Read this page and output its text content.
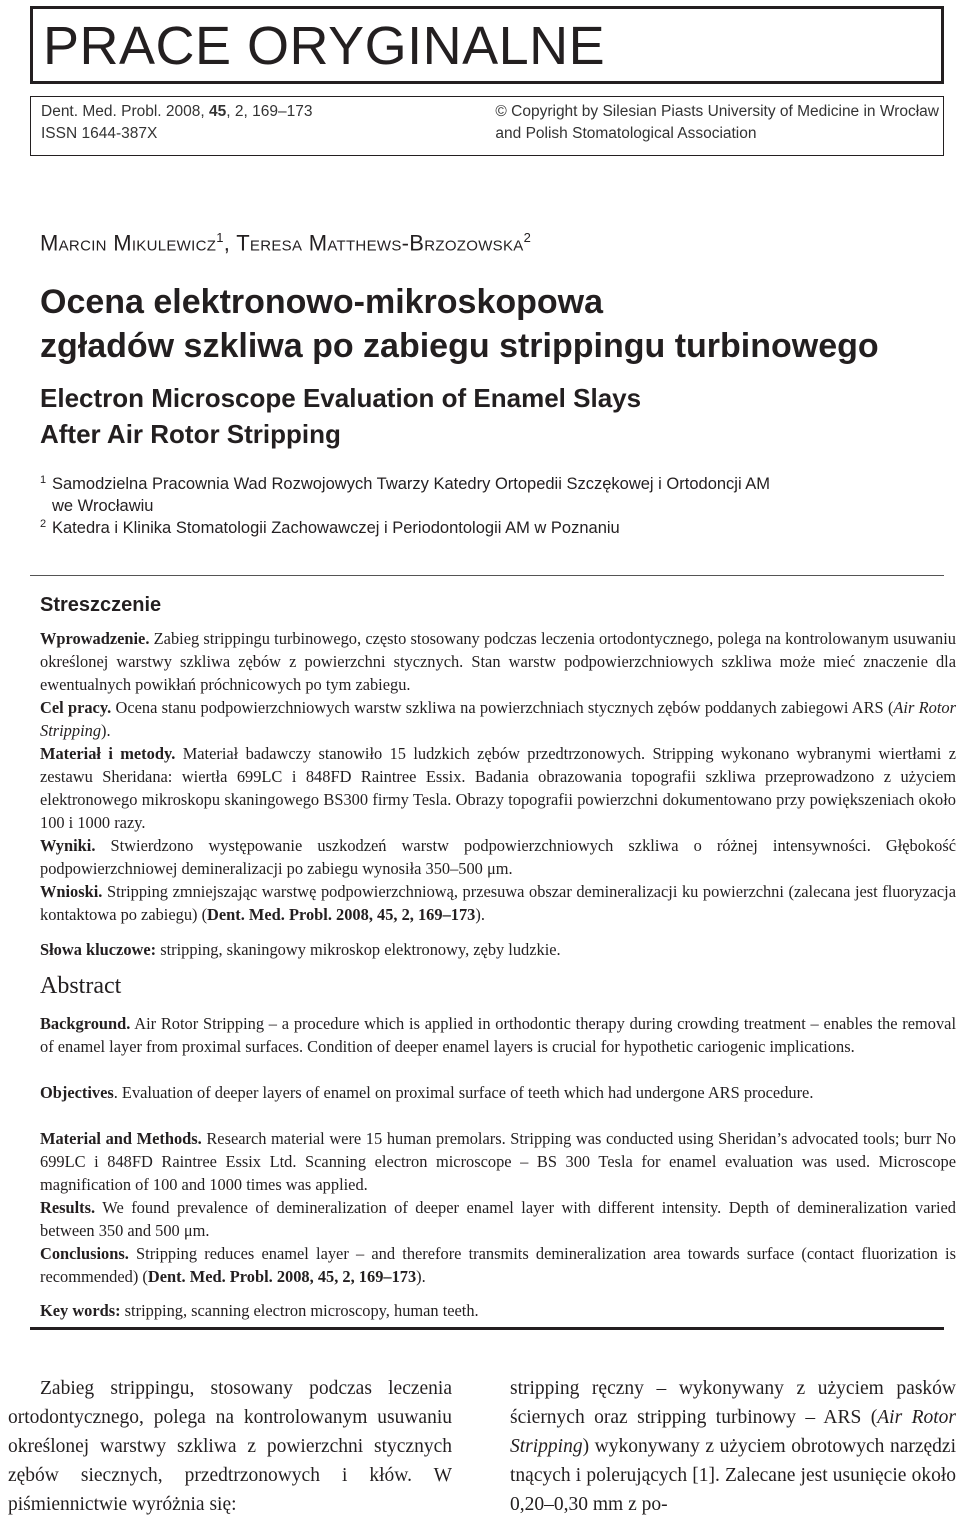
PRACE ORYGINALNE
Dent. Med. Probl. 2008, 45, 2, 169–173
ISSN 1644-387X
© Copyright by Silesian Piasts University of Medicine in Wrocław
and Polish Stomatological Association
Marcin Mikulewicz$^1$, Teresa Matthews-Brzozowska$^2$
Ocena elektronowo-mikroskopowa
zgładów szkliwa po zabiegu strippingu turbinowego
Electron Microscope Evaluation of Enamel Slays
After Air Rotor Stripping
1 Samodzielna Pracownia Wad Rozwojowych Twarzy Katedry Ortopedii Szczękowej i Ortodoncji AM
we Wrocławiu
2 Katedra i Klinika Stomatologii Zachowawczej i Periodontologii AM w Poznaniu
Streszczenie
Wprowadzenie. Zabieg strippingu turbinowego, często stosowany podczas leczenia ortodontycznego, polega na kontrolowanym usuwaniu określonej warstwy szkliwa zębów z powierzchni stycznych. Stan warstw podpowierzchniowych szkliwa może mieć znaczenie dla ewentualnych powikłań próchnicowych po tym zabiegu.
Cel pracy. Ocena stanu podpowierzchniowych warstw szkliwa na powierzchniach stycznych zębów poddanych zabiegowi ARS (Air Rotor Stripping).
Materiał i metody. Materiał badawczy stanowiło 15 ludzkich zębów przedtrzonowych. Stripping wykonano wybranymi wiertłami z zestawu Sheridana: wiertła 699LC i 848FD Raintree Essix. Badania obrazowania topografii szkliwa przeprowadzono z użyciem elektronowego mikroskopu skaningowego BS300 firmy Tesla. Obrazy topografii powierzchni dokumentowano przy powiększeniach około 100 i 1000 razy.
Wyniki. Stwierdzono występowanie uszkodzeń warstw podpowierzchniowych szkliwa o różnej intensywności. Głębokość podpowierzchniowej demineralizacji po zabiegu wynosiła 350–500 μm.
Wnioski. Stripping zmniejszając warstwę podpowierzchniową, przesuwa obszar demineralizacji ku powierzchni (zalecana jest fluoryzacja kontaktowa po zabiegu) (Dent. Med. Probl. 2008, 45, 2, 169–173).
Słowa kluczowe: stripping, skaningowy mikroskop elektronowy, zęby ludzkie.
Abstract
Background. Air Rotor Stripping – a procedure which is applied in orthodontic therapy during crowding treatment – enables the removal of enamel layer from proximal surfaces. Condition of deeper enamel layers is crucial for hypothetic cariogenic implications.
Objectives. Evaluation of deeper layers of enamel on proximal surface of teeth which had undergone ARS procedure.
Material and Methods. Research material were 15 human premolars. Stripping was conducted using Sheridan’s advocated tools; burr No 699LC i 848FD Raintree Essix Ltd. Scanning electron microscope – BS 300 Tesla for enamel evaluation was used. Microscope magnification of 100 and 1000 times was applied.
Results. We found prevalence of demineralization of deeper enamel layer with different intensity. Depth of demineralization varied between 350 and 500 μm.
Conclusions. Stripping reduces enamel layer – and therefore transmits demineralization area towards surface (contact fluorization is recommended) (Dent. Med. Probl. 2008, 45, 2, 169–173).
Key words: stripping, scanning electron microscopy, human teeth.
Zabieg strippingu, stosowany podczas leczenia ortodontycznego, polega na kontrolowanym usuwaniu określonej warstwy szkliwa z powierzchni stycznych zębów siecznych, przedtrzonowych i kłów. W piśmiennictwie wyróżnia się:
stripping ręczny – wykonywany z użyciem pasków ściernych oraz stripping turbinowy – ARS (Air Rotor Stripping) wykonywany z użyciem obrotowych narzędzi tnących i polerujących [1]. Zalecane jest usunięcie około 0,20–0,30 mm z po-
